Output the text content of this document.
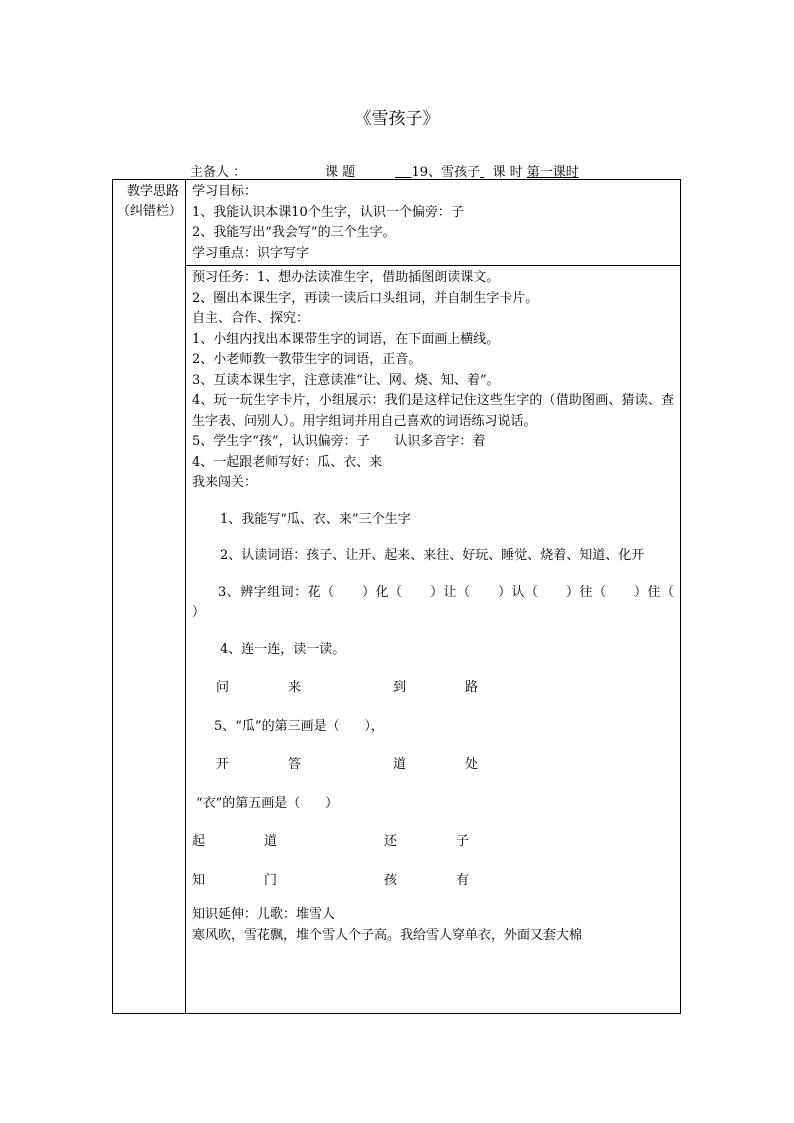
《雪孩子》
主备人 ：	课 题	19、雪孩子 课 时 第一课时
教学思路
（纠错栏）

学习目标：

1、我能认识本课10个生字，认识一个偏旁：子

2、我能写出“我会写”的三个生字。

学习重点：识字写字

预习任务：1、想办法读准生字，借助插图朗读课文。

2、圈出本课生字，再读一读后口头组词，并自制生字卡片。

自主、合作、探究：

1、小组内找出本课带生字的词语，在下面画上横线。

2、小老师教一教带生字的词语，正音。

3、互读本课生字，注意读准“让、网、烧、知、着”。

4、玩一玩生字卡片，小组展示：我们是这样记住这些生字的（借助图画、猜读、查生字表、问别人）。用字组词并用自己喜欢的词语练习说话。

5、学生字“孩”，认识偏旁：子      认识多音字：着

4、一起跟老师写好：瓜、衣、来

我来闯关：

1、我能写“瓜、衣、来”三个生字

2、认读词语：孩子、让开、起来、来往、好玩、睡觉、烧着、知道、化开

3、辨字组词：花（      ）化（      ）让（      ）认（      ）往（      ）住（      ）

4、连一连，读一读。

问	来	到	路

5、“瓜”的第三画是（      ），

开	答	道	处

“衣”的第五画是（      ）

起	道	还	子
知	门	孩	有

知识延伸：儿歌：堆雪人

寒风吹，雪花飘，堆个雪人个子高。我给雪人穿单衣，外面又套大棉
